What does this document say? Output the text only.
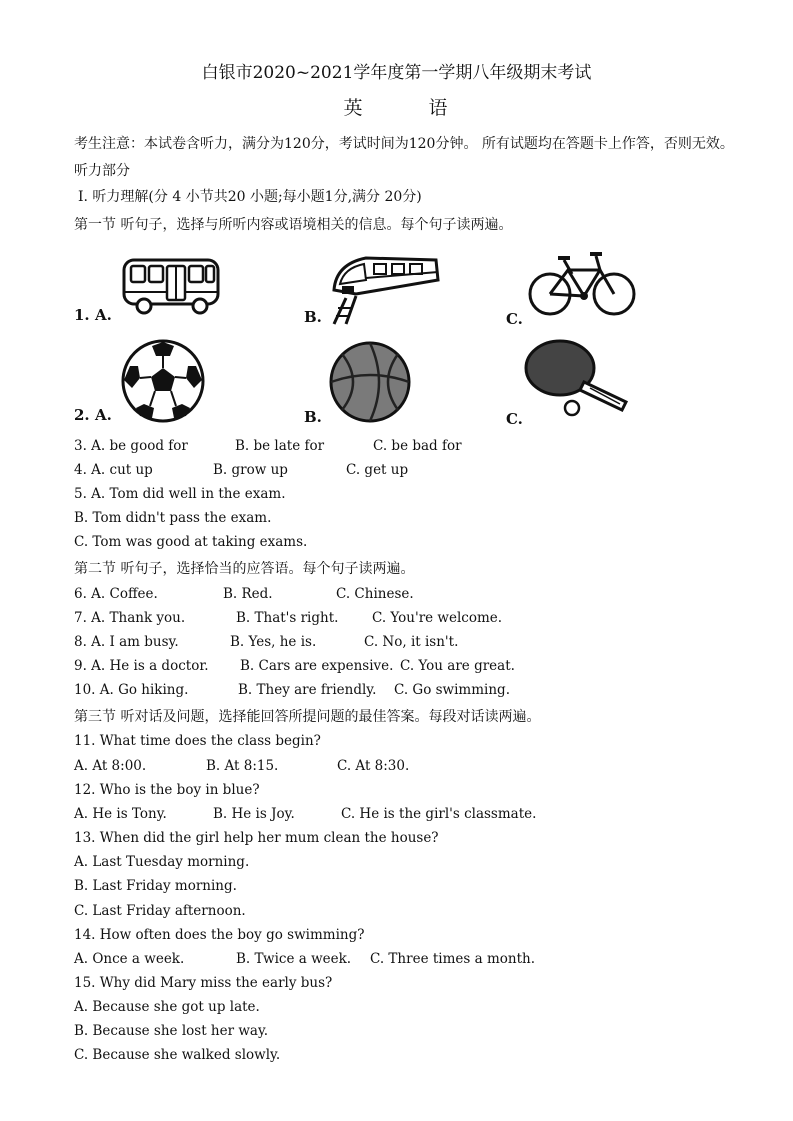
白银市2020~2021学年度第一学期八年级期末考试
英	语
考生注意：本试卷含听力，满分为120分，考试时间为120分钟。 所有试题均在答题卡上作答，否则无效。
听力部分
Ⅰ. 听力理解(分 4 小节共20 小题;每小题1分,满分 20分)
第一节 听句子，选择与所听内容或语境相关的信息。每个句子读两遍。
1. A.	B.	C.
2. A.	B.	C.
3. A. be good for	B. be late for	C. be bad for
4. A. cut up	B. grow up	C. get up
5. A. Tom did well in the exam.
B. Tom didn't pass the exam.
C. Tom was good at taking exams.
第二节 听句子，选择恰当的应答语。每个句子读两遍。
6. A. Coffee.	B. Red.	C. Chinese.
7. A. Thank you.	B. That's right. C. You're welcome.
8. A. I am busy.	B. Yes, he is.	C. No, it isn't.
9. A. He is a doctor. B. Cars are expensive. C. You are great.
10. A. Go hiking.	B. They are friendly. C. Go swimming.
第三节 听对话及问题，选择能回答所提问题的最佳答案。每段对话读两遍。
11. What time does the class begin?
A. At 8:00.	B. At 8:15.	C. At 8:30.
12. Who is the boy in blue?
A. He is Tony.	B. He is Joy.	C. He is the girl's classmate.
13. When did the girl help her mum clean the house?
A. Last Tuesday morning.
B. Last Friday morning.
C. Last Friday afternoon.
14. How often does the boy go swimming?
A. Once a week.	B. Twice a week. C. Three times a month.
15. Why did Mary miss the early bus?
A. Because she got up late.
B. Because she lost her way.
C. Because she walked slowly.
